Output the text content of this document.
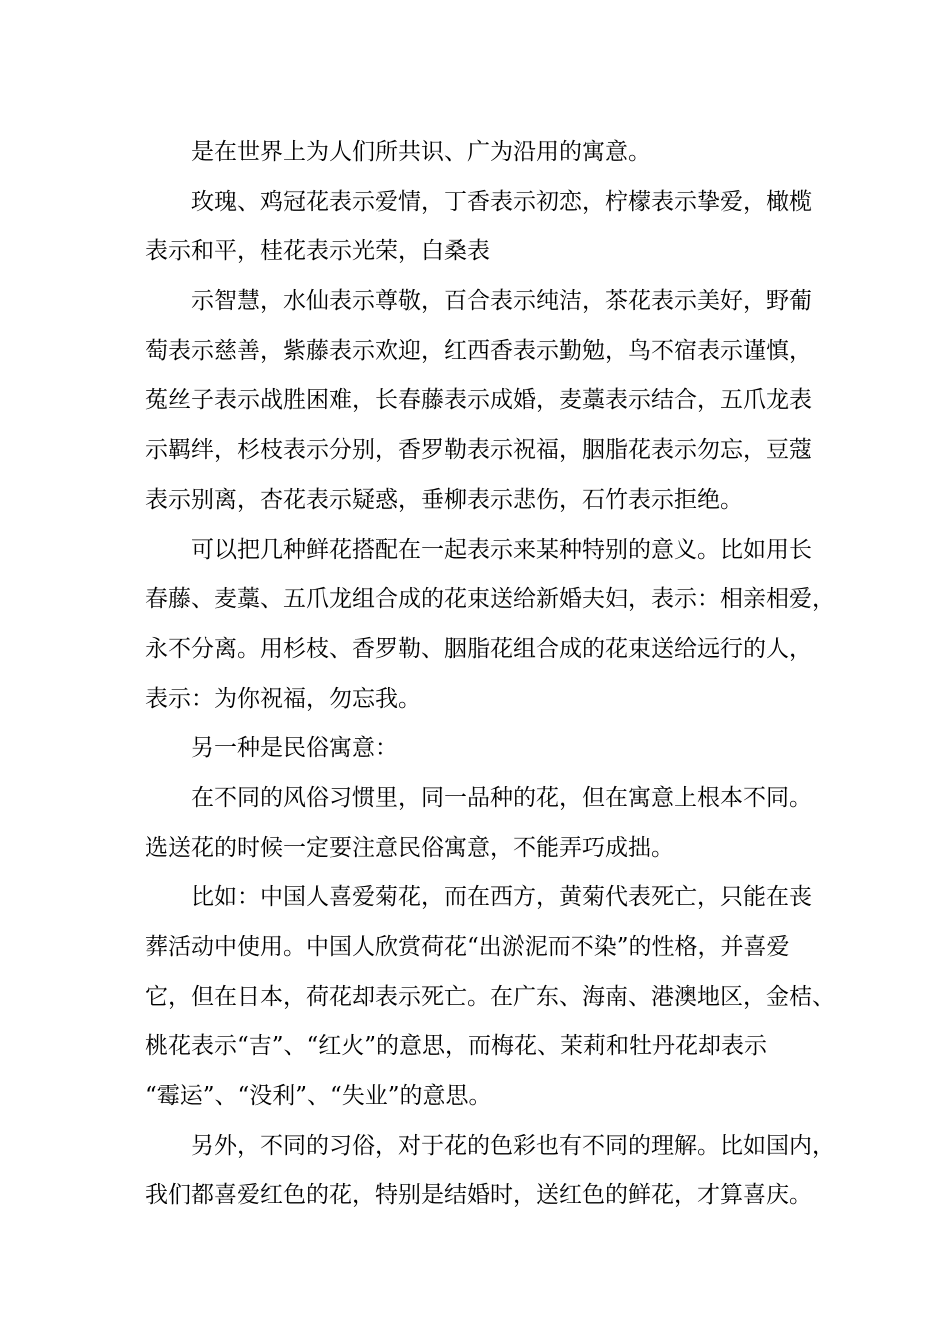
是在世界上为人们所共识、广为沿用的寓意。

玫瑰、鸡冠花表示爱情，丁香表示初恋，柠檬表示挚爱，橄榄
表示和平，桂花表示光荣，白桑表

示智慧，水仙表示尊敬，百合表示纯洁，茶花表示美好，野葡
萄表示慈善，紫藤表示欢迎，红西香表示勤勉，鸟不宿表示谨慎，
菟丝子表示战胜困难，长春藤表示成婚，麦藁表示结合，五爪龙表
示羁绊，杉枝表示分别，香罗勒表示祝福，胭脂花表示勿忘，豆蔻
表示别离，杏花表示疑惑，垂柳表示悲伤，石竹表示拒绝。

可以把几种鲜花搭配在一起表示来某种特别的意义。比如用长
春藤、麦藁、五爪龙组合成的花束送给新婚夫妇，表示：相亲相爱，
永不分离。用杉枝、香罗勒、胭脂花组合成的花束送给远行的人，
表示：为你祝福，勿忘我。

另一种是民俗寓意：

在不同的风俗习惯里，同一品种的花，但在寓意上根本不同。
选送花的时候一定要注意民俗寓意，不能弄巧成拙。

比如：中国人喜爱菊花，而在西方，黄菊代表死亡，只能在丧
葬活动中使用。中国人欣赏荷花“出淤泥而不染”的性格，并喜爱
它，但在日本，荷花却表示死亡。在广东、海南、港澳地区，金桔、
桃花表示“吉”、“红火”的意思，而梅花、茉莉和牡丹花却表示
“霉运”、“没利”、“失业”的意思。

另外，不同的习俗，对于花的色彩也有不同的理解。比如国内，
我们都喜爱红色的花，特别是结婚时，送红色的鲜花，才算喜庆。
